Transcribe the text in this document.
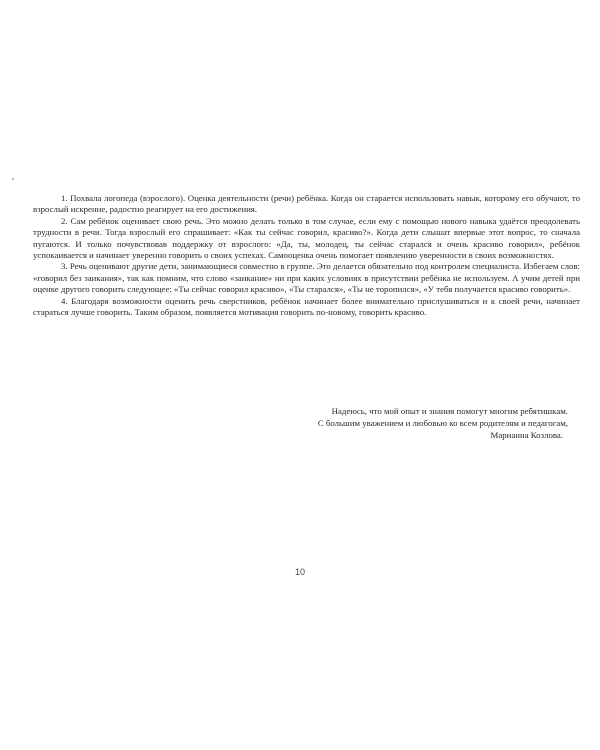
1. Похвала логопеда (взрослого). Оценка деятельности (речи) ребёнка. Когда он старается использовать навык, которому его обучают, то взрослый искренне, радостно реагирует на его достижения.

2. Сам ребёнок оценивает свою речь. Это можно делать только в том случае, если ему с помощью нового навыка удаётся преодолевать трудности в речи. Тогда взрослый его спрашивает: «Как ты сейчас говорил, красиво?». Когда дети слышат впервые этот вопрос, то сначала пугаются. И только почувствовав поддержку от взрослого: «Да, ты, молодец, ты сейчас старался и очень красиво говорил», ребёнок успокаивается и начинает уверенно говорить о своих успехах. Самооценка очень помогает появлению уверенности в своих возможностях.

3. Речь оценивают другие дети, занимающиеся совместно в группе. Это делается обязательно под контролем специалиста. Избегаем слов: «говорил без заикания», так как помним, что слово «заикание» ни при каких условиях в присутствии ребёнка не используем. А учим детей при оценке другого говорить следующее: «Ты сейчас говорил красиво», «Ты старался», «Ты не торопился», «У тебя получается красиво говорить».

4. Благодаря возможности оценить речь сверстников, ребёнок начинает более внимательно прислушиваться и к своей речи, начинает стараться лучше говорить. Таким образом, появляется мотивация говорить по-новому, говорить красиво.

Надеюсь, что мой опыт и знания помогут многим ребятишкам.
С большим уважением и любовью ко всем родителям и педагогам,
Марианна Козлова.
10
